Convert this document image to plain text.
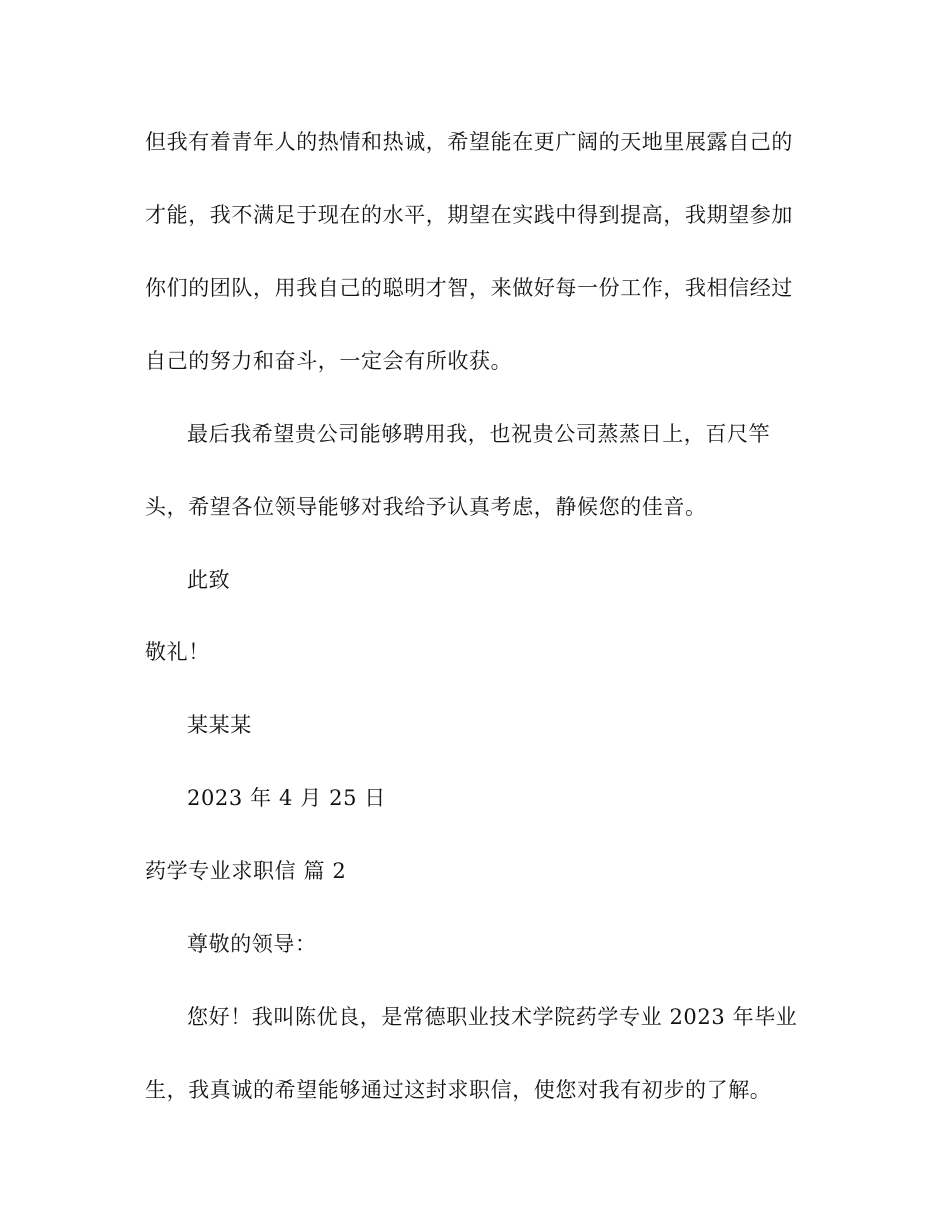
但我有着青年人的热情和热诚，希望能在更广阔的天地里展露自己的

才能，我不满足于现在的水平，期望在实践中得到提高，我期望参加

你们的团队，用我自己的聪明才智，来做好每一份工作，我相信经过

自己的努力和奋斗，一定会有所收获。

最后我希望贵公司能够聘用我，也祝贵公司蒸蒸日上，百尺竿

头，希望各位领导能够对我给予认真考虑，静候您的佳音。

此致

敬礼！

某某某

2023 年 4 月 25 日

药学专业求职信 篇 2

尊敬的领导：

您好！我叫陈优良，是常德职业技术学院药学专业 2023 年毕业

生，我真诚的希望能够通过这封求职信，使您对我有初步的了解。
